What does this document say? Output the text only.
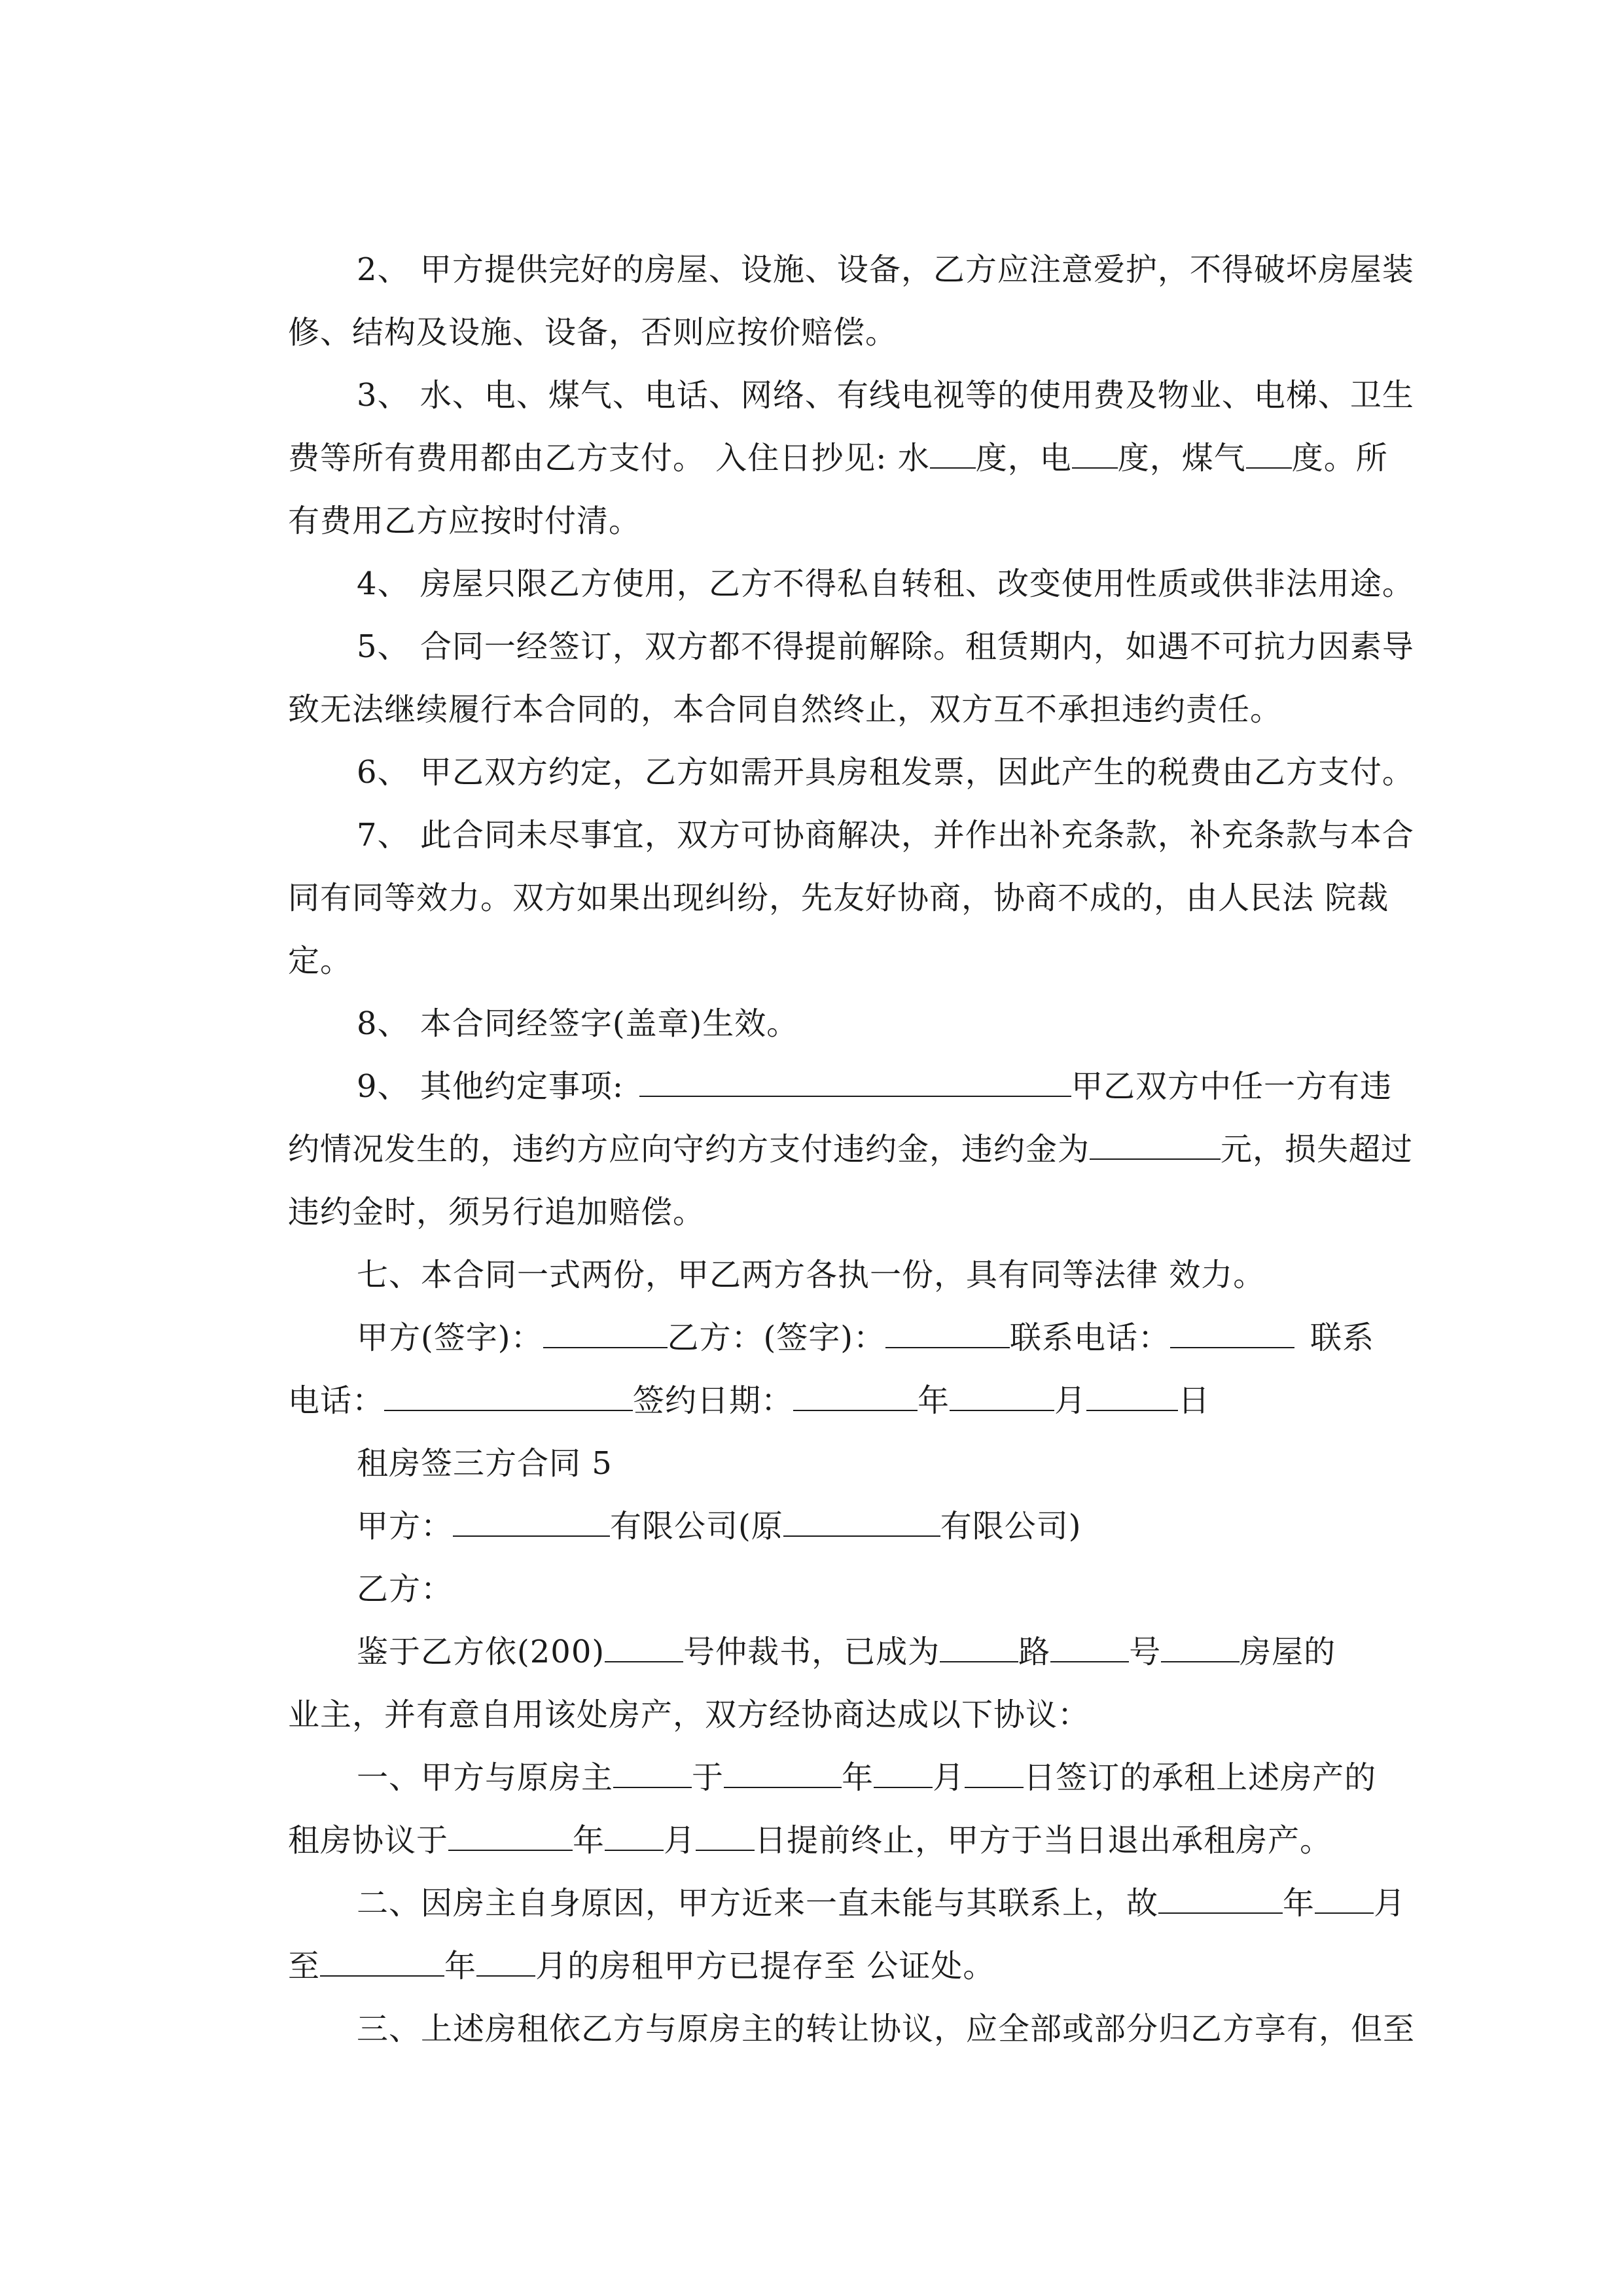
2、 甲方提供完好的房屋、设施、设备，乙方应注意爱护，不得破坏房屋装

修、结构及设施、设备，否则应按价赔偿。

3、 水、电、煤气、电话、网络、有线电视等的使用费及物业、电梯、卫生

费等所有费用都由乙方支付。 入住日抄见: 水 度，电 度，煤气 度。所

有费用乙方应按时付清。

4、 房屋只限乙方使用，乙方不得私自转租、改变使用性质或供非法用途。

5、 合同一经签订，双方都不得提前解除。租赁期内，如遇不可抗力因素导

致无法继续履行本合同的，本合同自然终止，双方互不承担违约责任。

6、 甲乙双方约定，乙方如需开具房租发票，因此产生的税费由乙方支付。

7、 此合同未尽事宜，双方可协商解决，并作出补充条款，补充条款与本合

同有同等效力。双方如果出现纠纷，先友好协商，协商不成的，由人民法 院裁

定。

8、 本合同经签字(盖章)生效。

9、 其他约定事项:	甲乙双方中任一方有违

约情况发生的，违约方应向守约方支付违约金，违约金为	元，损失超过

违约金时，须另行追加赔偿。

七、本合同一式两份，甲乙两方各执一份，具有同等法律 效力。

甲方(签字)：	乙方：(签字)：	联系电话：	联系

电话：	签约日期：	年	月	日

租房签三方合同 5

甲方：	有限公司(原	有限公司)

乙方：

鉴于乙方依(200)	号仲裁书，已成为	路	号	房屋的

业主，并有意自用该处房产，双方经协商达成以下协议：

一、甲方与原房主	于	年 月 日签订的承租上述房产的

租房协议于	年 月 日提前终止，甲方于当日退出承租房产。

二、因房主自身原因，甲方近来一直未能与其联系上，故	年 月

至	年 月的房租甲方已提存至 公证处。

三、上述房租依乙方与原房主的转让协议，应全部或部分归乙方享有，但至
